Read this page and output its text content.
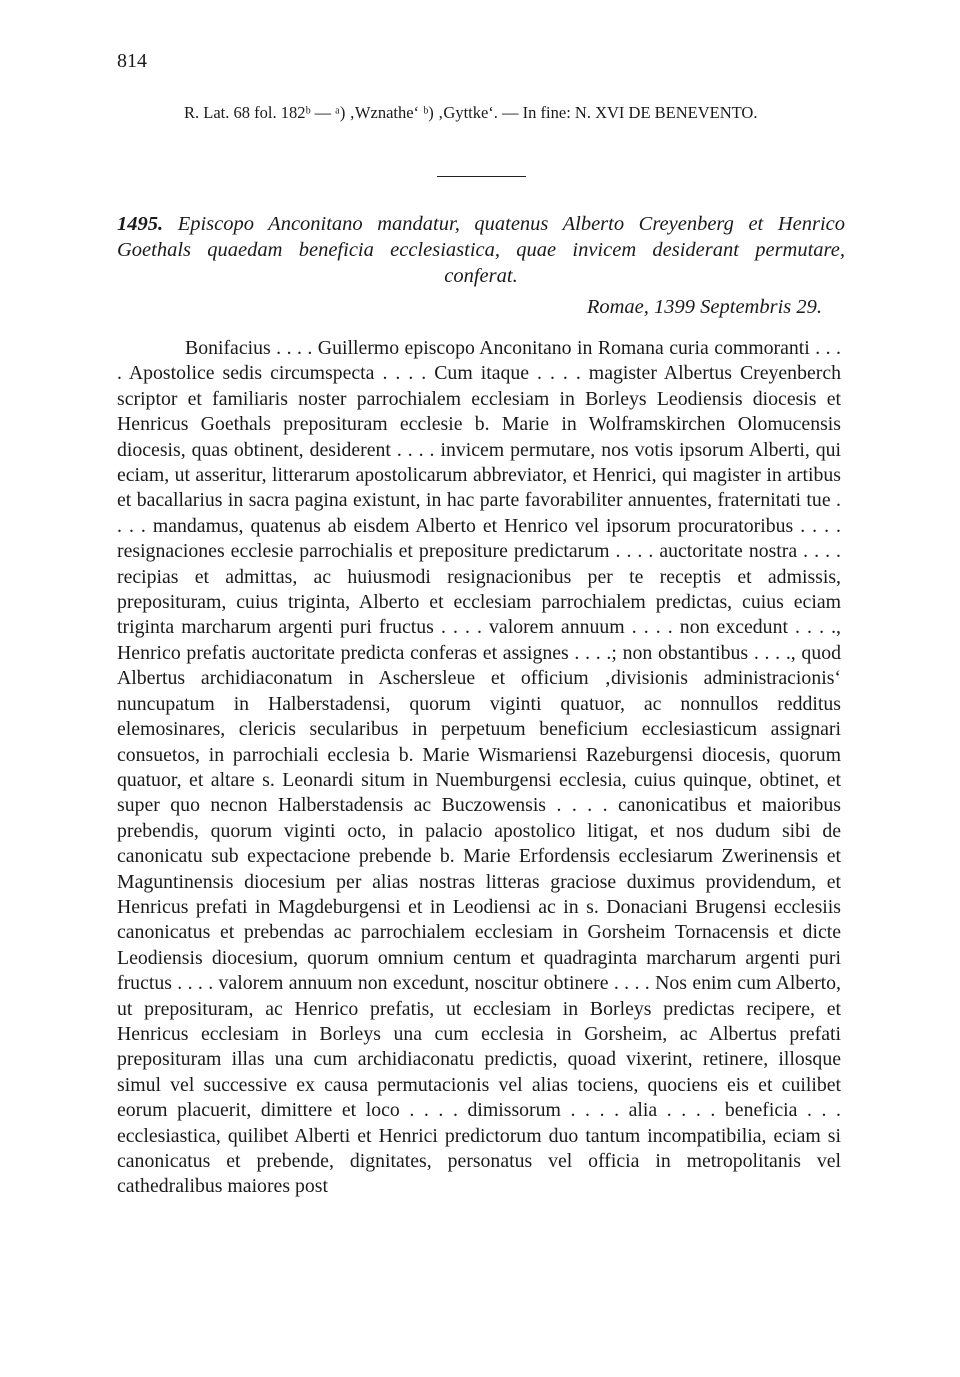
814
R. Lat. 68 fol. 182ᵇ — ᵃ) ‚Wznathe‘ ᵇ) ‚Gyttke‘. — In fine: N. XVI DE BENEVENTO.
1495. Episcopo Anconitano mandatur, quatenus Alberto Creyenberg et Henrico Goethals quaedam beneficia ecclesiastica, quae invicem desiderant permutare, conferat.
Romae, 1399 Septembris 29.

Bonifacius . . . . Guillermo episcopo Anconitano in Romana curia commoranti . . . . Apostolice sedis circumspecta . . . . Cum itaque . . . . magister Albertus Creyenberch scriptor et familiaris noster parrochialem ecclesiam in Borleys Leodiensis diocesis et Henricus Goethals preposituram ecclesie b. Marie in Wolframskirchen Olomucensis diocesis, quas obtinent, desiderent . . . . invicem permutare, nos votis ipsorum Alberti, qui eciam, ut asseritur, litterarum apostolicarum abbreviator, et Henrici, qui magister in artibus et bacallarius in sacra pagina existunt, in hac parte favorabiliter annuentes, fraternitati tue . . . . mandamus, quatenus ab eisdem Alberto et Henrico vel ipsorum procuratoribus . . . . resignaciones ecclesie parrochialis et prepositure predictarum . . . . auctoritate nostra . . . . recipias et admittas, ac huiusmodi resignacionibus per te receptis et admissis, preposituram, cuius triginta, Alberto et ecclesiam parrochialem predictas, cuius eciam triginta marcharum argenti puri fructus . . . . valorem annuum . . . . non excedunt . . . ., Henrico prefatis auctoritate predicta conferas et assignes . . . .; non obstantibus . . . ., quod Albertus archidiaconatum in Aschersleue et officium ‚divisionis administracionis‘ nuncupatum in Halberstadensi, quorum viginti quatuor, ac nonnullos redditus elemosinares, clericis secularibus in perpetuum beneficium ecclesiasticum assignari consuetos, in parrochiali ecclesia b. Marie Wismariensi Razeburgensi diocesis, quorum quatuor, et altare s. Leonardi situm in Nuemburgensi ecclesia, cuius quinque, obtinet, et super quo necnon Halberstadensis ac Buczowensis . . . . canonicatibus et maioribus prebendis, quorum viginti octo, in palacio apostolico litigat, et nos dudum sibi de canonicatu sub expectacione prebende b. Marie Erfordensis ecclesiarum Zwerinensis et Maguntinensis diocesium per alias nostras litteras graciose duximus providendum, et Henricus prefati in Magdeburgensi et in Leodiensi ac in s. Donaciani Brugensi ecclesiis canonicatus et prebendas ac parrochialem ecclesiam in Gorsheim Tornacensis et dicte Leodiensis diocesium, quorum omnium centum et quadraginta marcharum argenti puri fructus . . . . valorem annuum non excedunt, noscitur obtinere . . . . Nos enim cum Alberto, ut preposituram, ac Henrico prefatis, ut ecclesiam in Borleys predictas recipere, et Henricus ecclesiam in Borleys una cum ecclesia in Gorsheim, ac Albertus prefati preposituram illas una cum archidiaconatu predictis, quoad vixerint, retinere, illosque simul vel successive ex causa permutacionis vel alias tociens, quociens eis et cuilibet eorum placuerit, dimittere et loco . . . . dimissorum . . . . alia . . . . beneficia . . . ecclesiastica, quilibet Alberti et Henrici predictorum duo tantum incompatibilia, eciam si canonicatus et prebende, dignitates, personatus vel officia in metropolitanis vel cathedralibus maiores post
